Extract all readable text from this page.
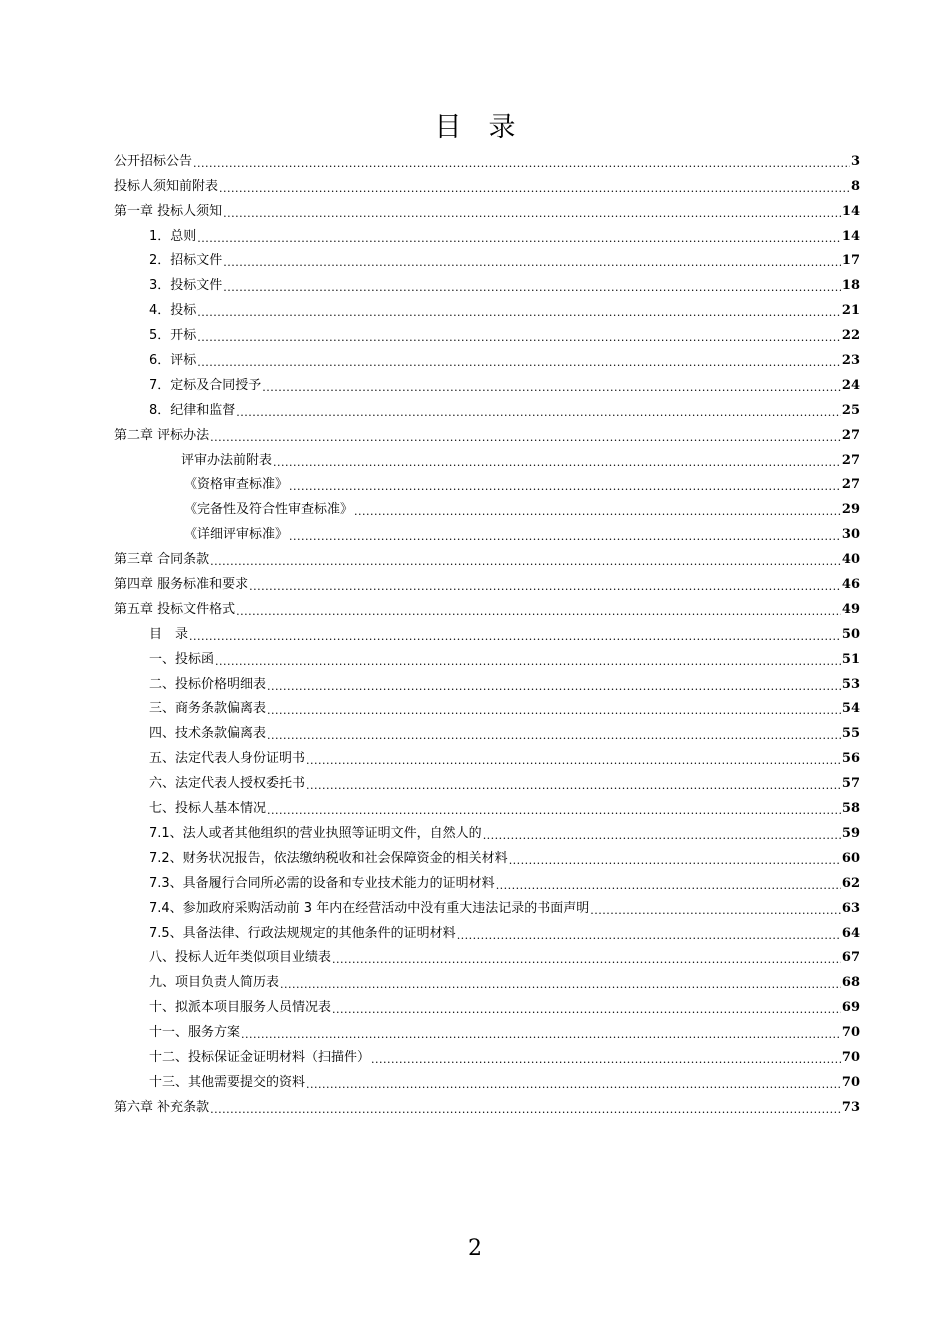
目　录
公开招标公告 .....	3
投标人须知前附表 .....	8
第一章 投标人须知 .....	14
1．总则 .....	14
2．招标文件 .....	17
3．投标文件 .....	18
4．投标 .....	21
5．开标 .....	22
6．评标 .....	23
7．定标及合同授予 .....	24
8．纪律和监督 .....	25
第二章 评标办法 .....	27
评审办法前附表 .....	27
《资格审查标准》 .....	27
《完备性及符合性审查标准》 .....	29
《详细评审标准》 .....	30
第三章 合同条款 .....	40
第四章 服务标准和要求 .....	46
第五章 投标文件格式 .....	49
目　录 .....	50
一、投标函 .....	51
二、投标价格明细表 .....	53
三、商务条款偏离表 .....	54
四、技术条款偏离表 .....	55
五、法定代表人身份证明书 .....	56
六、法定代表人授权委托书 .....	57
七、投标人基本情况 .....	58
7.1、法人或者其他组织的营业执照等证明文件，自然人的 .....	59
7.2、财务状况报告，依法缴纳税收和社会保障资金的相关材料 .....	60
7.3、具备履行合同所必需的设备和专业技术能力的证明材料 .....	62
7.4、参加政府采购活动前 3 年内在经营活动中没有重大违法记录的书面声明 .....	63
7.5、具备法律、行政法规规定的其他条件的证明材料 .....	64
八、投标人近年类似项目业绩表 .....	67
九、项目负责人简历表 .....	68
十、拟派本项目服务人员情况表 .....	69
十一、服务方案 .....	70
十二、投标保证金证明材料（扫描件） .....	70
十三、其他需要提交的资料 .....	70
第六章 补充条款 .....	73
2
